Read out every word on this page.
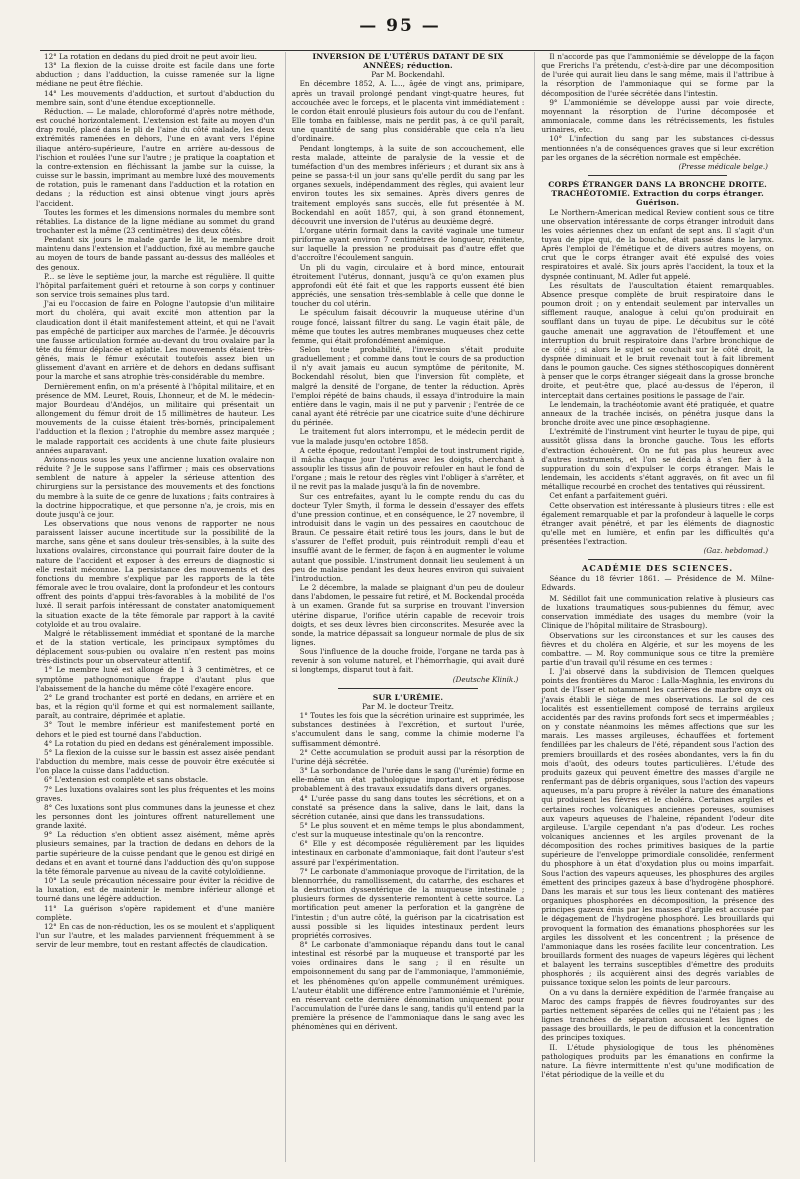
— 95 —

12° La rotation en dedans du pied droit ne peut avoir lieu.

13° La flexion de la cuisse droite est facile dans une forte abduction ; dans l'adduction, la cuisse ramenée sur la ligne médiane ne peut être fléchie.

14° Les mouvements d'adduction, et surtout d'abduction du membre sain, sont d'une étendue exceptionnelle.

Réduction. — Le malade, chloroformé d'après notre méthode, est couché horizontalement. L'extension est faite au moyen d'un drap roulé, placé dans le pli de l'aine du côté malade, les deux extrémités ramenées en dehors, l'une en avant vers l'épine iliaque antéro-supérieure, l'autre en arrière au-dessous de l'ischion et roulées l'une sur l'autre ; je pratique la coaptation et la contre-extension en fléchissant la jambe sur la cuisse, la cuisse sur le bassin, imprimant au membre luxé des mouvements de rotation, puis le ramenant dans l'adduction et la rotation en dedans ; la réduction est ainsi obtenue vingt jours après l'accident.

Toutes les formes et les dimensions normales du membre sont rétablies. La distance de la ligne médiane au sommet du grand trochanter est la même (23 centimètres) des deux côtés.

Pendant six jours le malade garde le lit, le membre droit maintenu dans l'extension et l'adduction, fixé au membre gauche au moyen de tours de bande passant au-dessus des malléoles et des genoux.

P... se lève le septième jour, la marche est régulière. Il quitte l'hôpital parfaitement guéri et retourne à son corps y continuer son service trois semaines plus tard.

J'ai eu l'occasion de faire en Pologne l'autopsie d'un militaire mort du choléra, qui avait excité mon attention par la claudication dont il était manifestement atteint, et qui ne l'avait pas empêché de participer aux marches de l'armée. Je découvris une fausse articulation formée au-devant du trou ovalaire par la tête du fémur déplacée et aplatie. Les mouvements étaient très-gênés, mais le fémur exécutait toutefois assez bien un glissement d'avant en arrière et de dehors en dedans suffisant pour la marche et sans atrophie très-considérable du membre.

Dernièrement enfin, on m'a présenté à l'hôpital militaire, et en présence de MM. Leuret, Rouis, Lhonneur, et de M. le médecin-major Bourdeau d'Andéjos, un militaire qui présentait un allongement du fémur droit de 15 millimètres de hauteur. Les mouvements de la cuisse étaient très-bornés, principalement l'adduction et la flexion ; l'atrophie du membre assez marquée ; le malade rapportait ces accidents à une chute faite plusieurs années auparavant.

Avions-nous sous les yeux une ancienne luxation ovalaire non réduite ? Je le suppose sans l'affirmer ; mais ces observations semblent de nature à appeler la sérieuse attention des chirurgiens sur la persistance des mouvements et des fonctions du membre à la suite de ce genre de luxations ; faits contraires à la doctrine hippocratique, et que personne n'a, je crois, mis en doute jusqu'à ce jour.

Les observations que nous venons de rapporter ne nous paraissent laisser aucune incertitude sur la possibilité de la marche, sans gêne et sans douleur très-sensibles, à la suite des luxations ovalaires, circonstance qui pourrait faire douter de la nature de l'accident et exposer à des erreurs de diagnostic si elle restait méconnue. La persistance des mouvements et des fonctions du membre s'explique par les rapports de la tête fémorale avec le trou ovalaire, dont la profondeur et les contours offrent des points d'appui très-favorables à la mobilité de l'os luxé. Il serait parfois intéressant de constater anatomiquement la situation exacte de la tête fémorale par rapport à la cavité cotyloïde et au trou ovalaire.

Malgré le rétablissement immédiat et spontané de la marche et de la station verticale, les principaux symptômes du déplacement sous-pubien ou ovalaire n'en restent pas moins très-distincts pour un observateur attentif.

1° Le membre luxé est allongé de 1 à 3 centimètres, et ce symptôme pathognomonique frappe d'autant plus que l'abaissement de la hanche du même côté l'exagère encore.

2° Le grand trochanter est porté en dedans, en arrière et en bas, et la région qu'il forme et qui est normalement saillante, paraît, au contraire, déprimée et aplatie.

3° Tout le membre inférieur est manifestement porté en dehors et le pied est tourné dans l'abduction.

4° La rotation du pied en dedans est généralement impossible.

5° La flexion de la cuisse sur le bassin est assez aisée pendant l'abduction du membre, mais cesse de pouvoir être exécutée si l'on place la cuisse dans l'adduction.

6° L'extension est complète et sans obstacle.

7° Les luxations ovalaires sont les plus fréquentes et les moins graves.

8° Ces luxations sont plus communes dans la jeunesse et chez les personnes dont les jointures offrent naturellement une grande laxité.

9° La réduction s'en obtient assez aisément, même après plusieurs semaines, par la traction de dedans en dehors de la partie supérieure de la cuisse pendant que le genou est dirigé en dedans et en avant et tourné dans l'adduction dès qu'on suppose la tête fémorale parvenue au niveau de la cavité cotyloïdienne.

10° La seule précaution nécessaire pour éviter la récidive de la luxation, est de maintenir le membre inférieur allongé et tourné dans une légère adduction.

11° La guérison s'opère rapidement et d'une manière complète.

12° En cas de non-réduction, les os se moulent et s'appliquent l'un sur l'autre, et les malades parviennent fréquemment à se servir de leur membre, tout en restant affectés de claudication.

INVERSION DE L'UTÉRUS DATANT DE SIX ANNÉES; réduction.

Par M. Bockendahl.

En décembre 1852, A. L..., âgée de vingt ans, primipare, après un travail prolongé pendant vingt-quatre heures, fut accouchée avec le forceps, et le placenta vint immédiatement : le cordon était enroulé plusieurs fois autour du cou de l'enfant. Elle tomba en faiblesse, mais ne perdit pas, à ce qu'il paraît, une quantité de sang plus considérable que cela n'a lieu d'ordinaire.

Pendant longtemps, à la suite de son accouchement, elle resta malade, atteinte de paralysie de la vessie et de tuméfaction d'un des membres inférieurs ; et durant six ans à peine se passa-t-il un jour sans qu'elle perdît du sang par les organes sexuels, indépendamment des règles, qui avaient leur environ toutes les six semaines. Après divers genres de traitement employés sans succès, elle fut présentée à M. Bockendahl en août 1857, qui, à son grand étonnement, découvrit une inversion de l'utérus au deuxième degré.

L'organe utérin formait dans la cavité vaginale une tumeur piriforme ayant environ 7 centimètres de longueur, rénitente, sur laquelle la pression ne produisait pas d'autre effet que d'accroître l'écoulement sanguin.

Un pli du vagin, circulaire et à bord mince, entourait étroitement l'utérus, donnant, jusqu'à ce qu'on examen plus approfondi eût été fait et que les rapports eussent été bien appréciés, une sensation très-semblable à celle que donne le toucher du col utérin.

Le spéculum faisait découvrir la muqueuse utérine d'un rouge foncé, laissant filtrer du sang. Le vagin était pâle, de même que toutes les autres membranes muqueuses chez cette femme, qui était profondément anémique.

Selon toute probabilité, l'inversion s'était produite graduellement ; et comme dans tout le cours de sa production il n'y avait jamais eu aucun symptôme de péritonite, M. Bockendahl résolut, bien que l'inversion fût complète, et malgré la densité de l'organe, de tenter la réduction. Après l'emploi répété de bains chauds, il essaya d'introduire la main entière dans le vagin, mais il ne put y parvenir ; l'entrée de ce canal ayant été rétrécie par une cicatrice suite d'une déchirure du périnée.

Le traitement fut alors interrompu, et le médecin perdit de vue la malade jusqu'en octobre 1858.

A cette époque, redoutant l'emploi de tout instrument rigide, il mâcha chaque jour l'utérus avec les doigts, cherchant à assouplir les tissus afin de pouvoir refouler en haut le fond de l'organe ; mais le retour des règles vint l'obliger à s'arrêter, et il ne revit pas la malade jusqu'à la fin de novembre.

Sur ces entrefaites, ayant lu le compte rendu du cas du docteur Tyler Smyth, il forma le dessein d'essayer des effets d'une pression continue, et en conséquence, le 27 novembre, il introduisit dans le vagin un des pessaires en caoutchouc de Braun. Ce pessaire était retiré tous les jours, dans le but de s'assurer de l'effet produit, puis réintroduit rempli d'eau et insufflé avant de le fermer, de façon à en augmenter le volume autant que possible. L'instrument donnait lieu seulement à un peu de malaise pendant les deux heures environ qui suivaient l'introduction.

Le 2 décembre, la malade se plaignant d'un peu de douleur dans l'abdomen, le pessaire fut retiré, et M. Bockendal procéda à un examen. Grande fut sa surprise en trouvant l'inversion utérine disparue, l'orifice utérin capable de recevoir trois doigts, et ses deux lèvres bien circonscrites. Mesurée avec la sonde, la matrice dépassait sa longueur normale de plus de six lignes.

Sous l'influence de la douche froide, l'organe ne tarda pas à revenir à son volume naturel, et l'hémorrhagie, qui avait duré si longtemps, disparut tout à fait.

(Deutsche Klinik.)

SUR L'URÉMIE.

Par M. le docteur Treitz.

1° Toutes les fois que la sécrétion urinaire est supprimée, les substances destinées à l'excrétion, et surtout l'urée, s'accumulent dans le sang, comme la chimie moderne l'a suffisamment démontré.

2° Cette accumulation se produit aussi par la résorption de l'urine déjà sécrétée.

3° La sorbondance de l'urée dans le sang (l'urémie) forme en elle-même un état pathologique important, et prédispose probablement à des travaux exsudatifs dans divers organes.

4° L'urée passe du sang dans toutes les sécrétions, et on a constaté sa présence dans la salive, dans le lait, dans la sécrétion cutanée, ainsi que dans les transsudations.

5° Le plus souvent et en même temps le plus abondamment, c'est sur la muqueuse intestinale qu'on la rencontre.

6° Elle y est décomposée régulièrement par les liquides intestinaux en carbonate d'ammoniaque, fait dont l'auteur s'est assuré par l'expérimentation.

7° Le carbonate d'ammoniaque provoque de l'irritation, de la blennorrhée, du ramollissement, du catarrhe, des eschares et la destruction dyssentérique de la muqueuse intestinale ; plusieurs formes de dyssenterie remontent à cette source. La mortification peut amener la perforation et la gangrène de l'intestin ; d'un autre côté, la guérison par la cicatrisation est aussi possible si les liquides intestinaux perdent leurs propriétés corrosives.

8° Le carbonate d'ammoniaque répandu dans tout le canal intestinal est résorbé par la muqueuse et transporté par les voies ordinaires dans le sang ; il en résulte un empoisonnement du sang par de l'ammoniaque, l'ammoniémie, et les phénomènes qu'on appelle communément urémiques. L'auteur établit une différence entre l'ammoniémie et l'urémie, en réservant cette dernière dénomination uniquement pour l'accumulation de l'urée dans le sang, tandis qu'il entend par la première la présence de l'ammoniaque dans le sang avec les phénomènes qui en dérivent.

Il n'accorde pas que l'ammoniémie se développe de la façon que Frerichs l'a prétendu, c'est-à-dire par une décomposition de l'urée qui aurait lieu dans le sang même, mais il l'attribue à la résorption de l'ammoniaque qui se forme par la décomposition de l'urée sécrétée dans l'intestin.

9° L'ammoniémie se développe aussi par voie directe, moyennant la résorption de l'urine décomposée et ammoniacale, comme dans les rétrécissements, les fistules urinaires, etc.

10° L'infection du sang par les substances ci-dessus mentionnées n'a de conséquences graves que si leur excrétion par les organes de la sécrétion normale est empêchée.

(Presse médicale belge.)

CORPS ÉTRANGER DANS LA BRONCHE DROITE. TRACHÉOTOMIE. Extraction du corps étranger. Guérison.

Le Northern-American medical Review contient sous ce titre une observation intéressante de corps étranger introduit dans les voies aériennes chez un enfant de sept ans. Il s'agit d'un tuyau de pipe qui, de la bouche, était passé dans le larynx. Après l'emploi de l'émétique et de divers autres moyens, on crut que le corps étranger avait été expulsé des voies respiratoires et avalé. Six jours après l'accident, la toux et la dyspnée continuant, M. Adler fut appelé.

Les résultats de l'auscultation étaient remarquables. Absence presque complète de bruit respiratoire dans le poumon droit ; on y entendait seulement par intervalles un sifflement rauque, analogue à celui qu'on produirait en soufflant dans un tuyau de pipe. Le décubitus sur le côté gauche amenait une aggravation de l'étouffement et une interruption du bruit respiratoire dans l'arbre bronchique de ce côté ; si alors le sujet se couchait sur le côté droit, la dyspnée diminuait et le bruit revenait tout à fait librement dans le poumon gauche. Ces signes stéthoscopiques donnèrent à penser que le corps étranger siégeait dans la grosse bronche droite, et peut-être que, placé au-dessus de l'éperon, il interceptait dans certaines positions le passage de l'air.

Le lendemain, la trachéotomie avant été pratiquée, et quatre anneaux de la trachée incisés, on pénétra jusque dans la bronche droite avec une pince œsophagienne.

L'extrémité de l'instrument vint heurter le tuyau de pipe, qui aussitôt glissa dans la bronche gauche. Tous les efforts d'extraction échouèrent. On ne fut pas plus heureux avec d'autres instruments, et l'on se décida à s'en fier à la suppuration du soin d'expulser le corps étranger. Mais le lendemain, les accidents s'étant aggravés, on fit avec un fil métallique recourbé en crochet des tentatives qui réussirent.

Cet enfant a parfaitement guéri.

Cette observation est intéressante à plusieurs titres : elle est également remarquable et par la profondeur à laquelle le corps étranger avait pénétré, et par les éléments de diagnostic qu'elle met en lumière, et enfin par les difficultés qu'a présentées l'extraction.

(Gaz. hebdomad.)

ACADÉMIE DES SCIENCES.

Séance du 18 février 1861. — Présidence de M. Milne-Edwards.

M. Sédillot fait une communication relative à plusieurs cas de luxations traumatiques sous-pubiennes du fémur, avec conservation immédiate des usages du membre (voir la Clinique de l'hôpital militaire de Strasbourg).

Observations sur les circonstances et sur les causes des fièvres et du choléra en Algérie, et sur les moyens de les combattre. — M. Roy communique sous ce titre la première partie d'un travail qu'il résume en ces termes :

I. J'ai observé dans la subdivision de Tlemcen quelques points des frontières du Maroc : Lalla-Maghnia, les environs du pont de l'Isser et notamment les carrières de marbre onyx où j'avais établi le siège de mes observations. Le sol de ces localités est essentiellement composé de terrains argileux accidentés par des ravins profonds fort secs et imperméables ; on y constate néanmoins les mêmes affections que sur les marais. Les masses argileuses, échauffées et fortement fendillées par les chaleurs de l'été, répandent sous l'action des premiers brouillards et des rosées abondantes, vers la fin du mois d'août, des odeurs toutes particulières. L'étude des produits gazeux qui peuvent émettre des masses d'argile ne renfermant pas de débris organiques, sous l'action des vapeurs aqueuses, m'a paru propre à révéler la nature des émanations qui produisent les fièvres et le choléra. Certaines argiles et certaines roches volcaniques anciennes poreuses, soumises aux vapeurs aqueuses de l'haleine, répandent l'odeur dite argileuse. L'argile cependant n'a pas d'odeur. Les roches volcaniques anciennes et les argiles provenant de la décomposition des roches primitives basiques de la partie supérieure de l'enveloppe primordiale consolidée, renferment du phosphore à un état d'oxydation plus ou moins imparfait. Sous l'action des vapeurs aqueuses, les phosphures des argiles émettent des principes gazeux à base d'hydrogène phosphoré. Dans les marais et sur tous les lieux contenant des matières organiques phosphorées en décomposition, la présence des principes gazeux émis par les masses d'argile est accusée par le dégagement de l'hydrogène phosphoré. Les brouillards qui provoquent la formation des émanations phosphorées sur les argiles les dissolvent et les concentrent ; la présence de l'ammoniaque dans les rosées facilite leur concentration. Les brouillards forment des nuages de vapeurs légères qui lèchent et balayent les terrains susceptibles d'émettre des produits phosphorés ; ils acquièrent ainsi des degrés variables de puissance toxique selon les points de leur parcours.

On a vu dans la dernière expédition de l'armée française au Maroc des camps frappés de fièvres foudroyantes sur des parties nettement séparées de celles qui ne l'étaient pas ; les lignes tranchées de séparation accusaient les lignes de passage des brouillards, le peu de diffusion et la concentration des principes toxiques.

II. L'étude physiologique de tous les phénomènes pathologiques produits par les émanations en confirme la nature. La fièvre intermittente n'est qu'une modification de l'état périodique de la veille et du
